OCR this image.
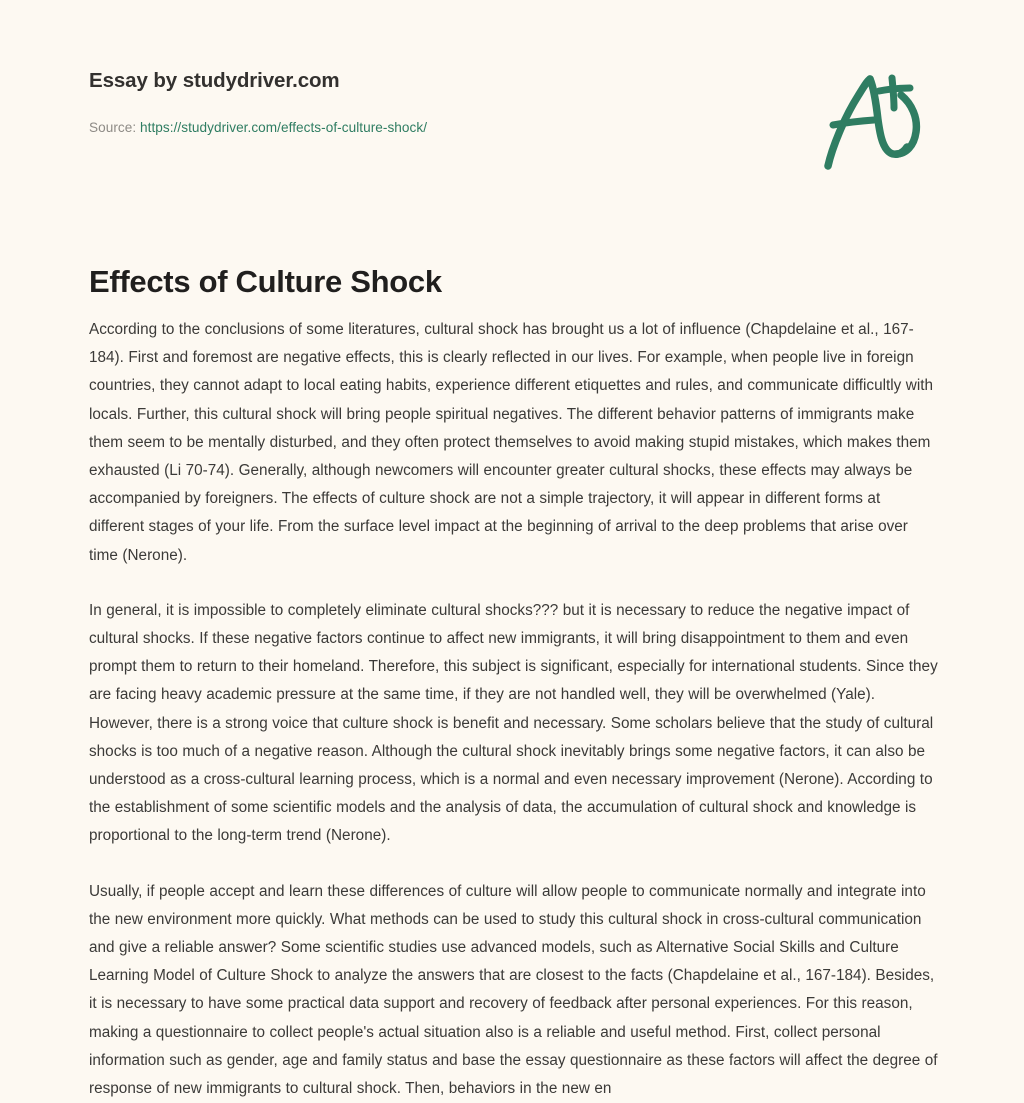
Essay by studydriver.com
Source: https://studydriver.com/effects-of-culture-shock/
Effects of Culture Shock

According to the conclusions of some literatures, cultural shock has brought us a lot of influence (Chapdelaine et al., 167-184). First and foremost are negative effects, this is clearly reflected in our lives. For example, when people live in foreign countries, they cannot adapt to local eating habits, experience different etiquettes and rules, and communicate difficultly with locals. Further, this cultural shock will bring people spiritual negatives. The different behavior patterns of immigrants make them seem to be mentally disturbed, and they often protect themselves to avoid making stupid mistakes, which makes them exhausted (Li 70-74). Generally, although newcomers will encounter greater cultural shocks, these effects may always be accompanied by foreigners. The effects of culture shock are not a simple trajectory, it will appear in different forms at different stages of your life. From the surface level impact at the beginning of arrival to the deep problems that arise over time (Nerone).

In general, it is impossible to completely eliminate cultural shocks??? but it is necessary to reduce the negative impact of cultural shocks. If these negative factors continue to affect new immigrants, it will bring disappointment to them and even prompt them to return to their homeland. Therefore, this subject is significant, especially for international students. Since they are facing heavy academic pressure at the same time, if they are not handled well, they will be overwhelmed (Yale). However, there is a strong voice that culture shock is benefit and necessary. Some scholars believe that the study of cultural shocks is too much of a negative reason. Although the cultural shock inevitably brings some negative factors, it can also be understood as a cross-cultural learning process, which is a normal and even necessary improvement (Nerone). According to the establishment of some scientific models and the analysis of data, the accumulation of cultural shock and knowledge is proportional to the long-term trend (Nerone).

Usually, if people accept and learn these differences of culture will allow people to communicate normally and integrate into the new environment more quickly. What methods can be used to study this cultural shock in cross-cultural communication and give a reliable answer? Some scientific studies use advanced models, such as Alternative Social Skills and Culture Learning Model of Culture Shock to analyze the answers that are closest to the facts (Chapdelaine et al., 167-184). Besides, it is necessary to have some practical data support and recovery of feedback after personal experiences. For this reason, making a questionnaire to collect people's actual situation also is a reliable and useful method. First, collect personal information such as gender, age and family status and base the essay questionnaire as these factors will affect the degree of response of new immigrants to cultural shock. Then, behaviors in the new en
